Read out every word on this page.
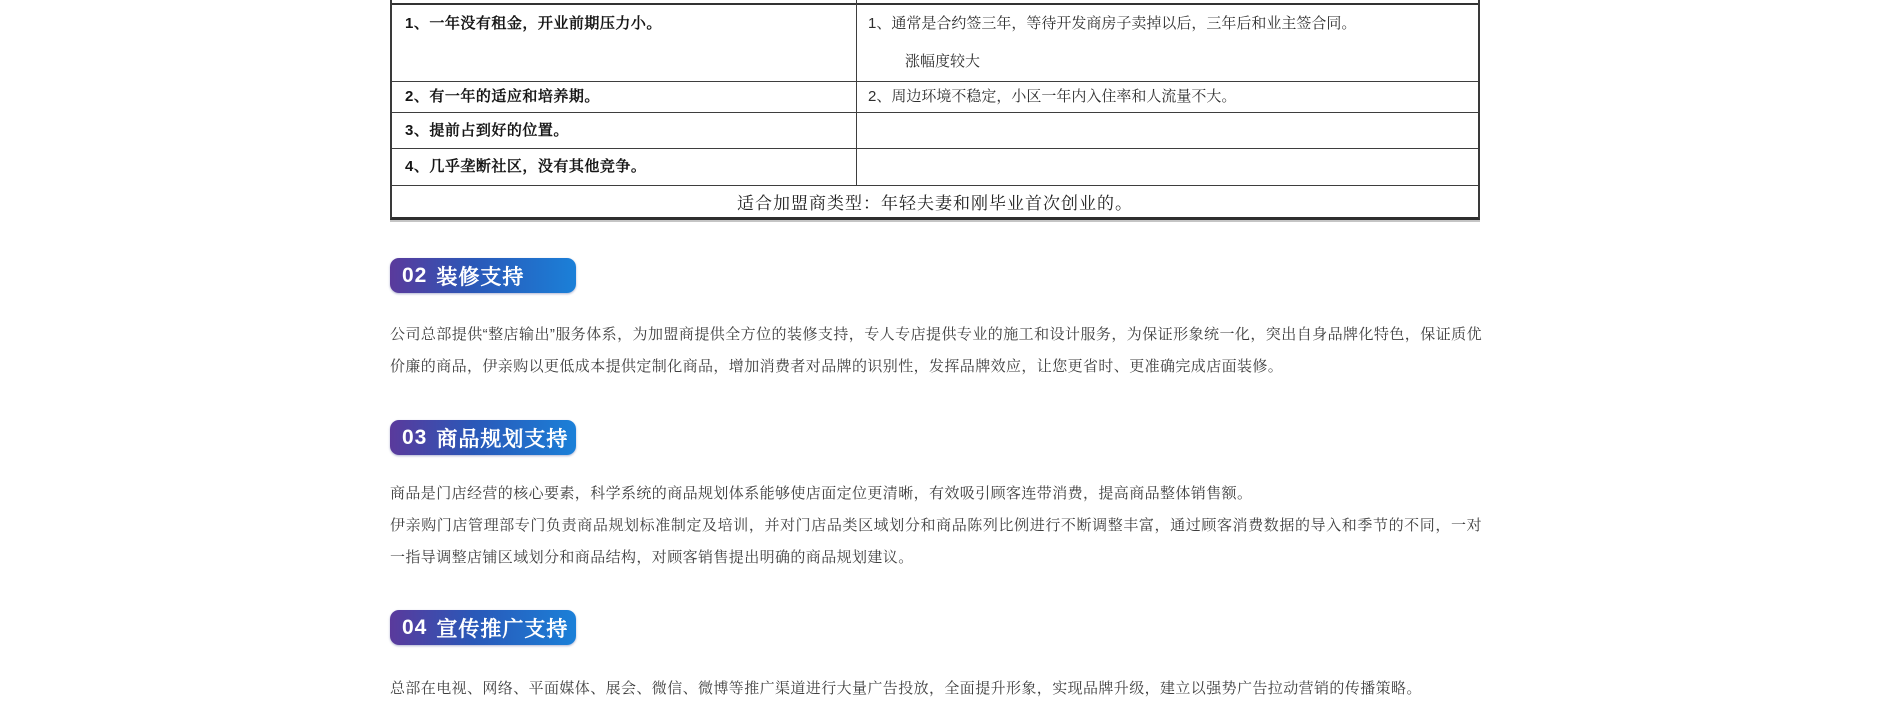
1、一年没有租金，开业前期压力小。	1、通常是合约签三年，等待开发商房子卖掉以后，三年后和业主签合同。
涨幅度较大
2、有一年的适应和培养期。	2、周边环境不稳定，小区一年内入住率和人流量不大。
3、提前占到好的位置。
4、几乎垄断社区，没有其他竞争。
适合加盟商类型：年轻夫妻和刚毕业首次创业的。
02 装修支持

公司总部提供“整店输出”服务体系，为加盟商提供全方位的装修支持，专人专店提供专业的施工和设计服务，为保证形象统一化，突出自身品牌化特色，保证质优价廉的商品，伊亲购以更低成本提供定制化商品，增加消费者对品牌的识别性，发挥品牌效应，让您更省时、更准确完成店面装修。

03 商品规划支持

商品是门店经营的核心要素，科学系统的商品规划体系能够使店面定位更清晰，有效吸引顾客连带消费，提高商品整体销售额。

伊亲购门店管理部专门负责商品规划标准制定及培训，并对门店品类区域划分和商品陈列比例进行不断调整丰富，通过顾客消费数据的导入和季节的不同，一对一指导调整店铺区域划分和商品结构，对顾客销售提出明确的商品规划建议。

04 宣传推广支持

总部在电视、网络、平面媒体、展会、微信、微博等推广渠道进行大量广告投放，全面提升形象，实现品牌升级，建立以强势广告拉动营销的传播策略。
